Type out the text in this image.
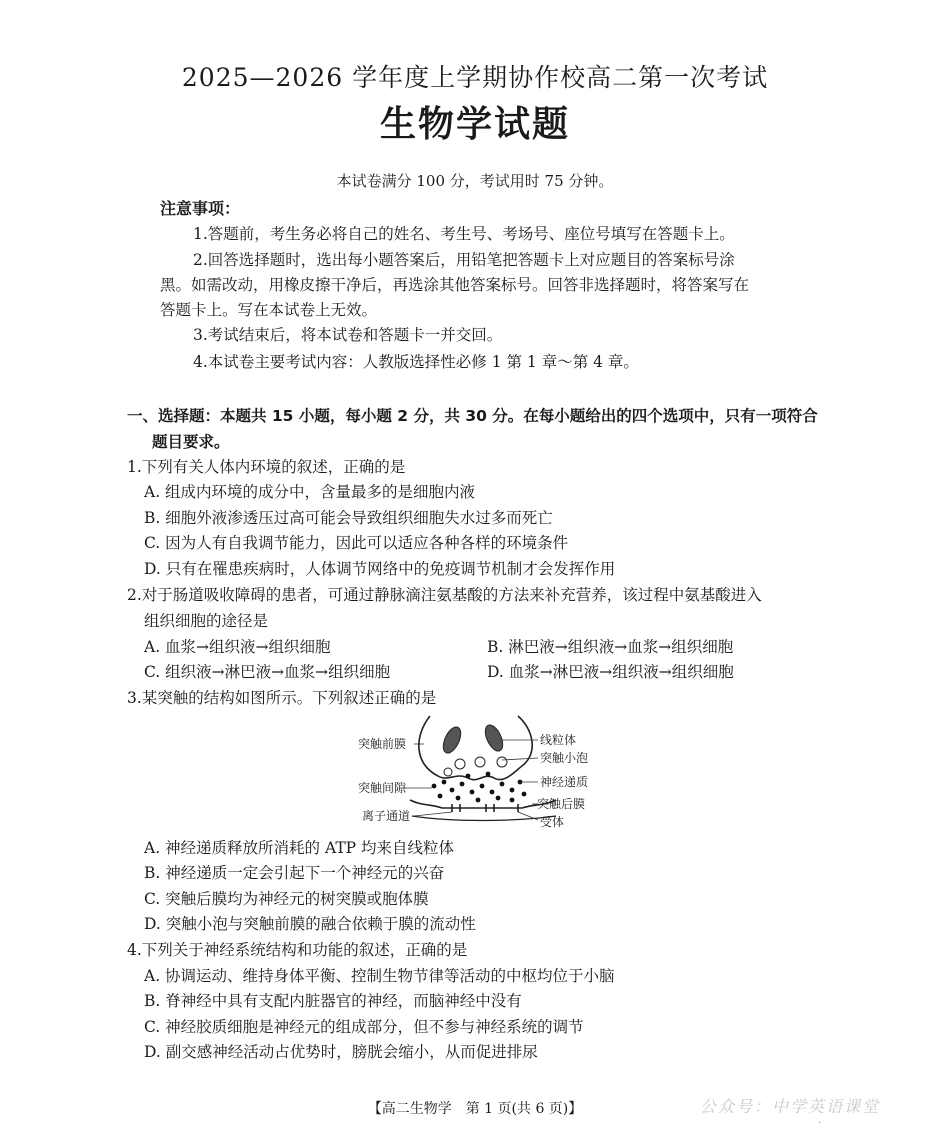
2025—2026 学年度上学期协作校高二第一次考试
生物学试题
本试卷满分 100 分，考试用时 75 分钟。
注意事项：
1.答题前，考生务必将自己的姓名、考生号、考场号、座位号填写在答题卡上。
2.回答选择题时，选出每小题答案后，用铅笔把答题卡上对应题目的答案标号涂
黑。如需改动，用橡皮擦干净后，再选涂其他答案标号。回答非选择题时，将答案写在
答题卡上。写在本试卷上无效。
3.考试结束后，将本试卷和答题卡一并交回。
4.本试卷主要考试内容：人教版选择性必修 1 第 1 章～第 4 章。
一、选择题：本题共 15 小题，每小题 2 分，共 30 分。在每小题给出的四个选项中，只有一项符合
题目要求。
1.下列有关人体内环境的叙述，正确的是
A. 组成内环境的成分中，含量最多的是细胞内液
B. 细胞外液渗透压过高可能会导致组织细胞失水过多而死亡
C. 因为人有自我调节能力，因此可以适应各种各样的环境条件
D. 只有在罹患疾病时，人体调节网络中的免疫调节机制才会发挥作用
2.对于肠道吸收障碍的患者，可通过静脉滴注氨基酸的方法来补充营养，该过程中氨基酸进入
组织细胞的途径是
A. 血浆→组织液→组织细胞	B. 淋巴液→组织液→血浆→组织细胞
C. 组织液→淋巴液→血浆→组织细胞	D. 血浆→淋巴液→组织液→组织细胞
3.某突触的结构如图所示。下列叙述正确的是
突触前膜
突触间隙
离子通道
线粒体
突触小泡
神经递质
突触后膜
受体
A. 神经递质释放所消耗的 ATP 均来自线粒体
B. 神经递质一定会引起下一个神经元的兴奋
C. 突触后膜均为神经元的树突膜或胞体膜
D. 突触小泡与突触前膜的融合依赖于膜的流动性
4.下列关于神经系统结构和功能的叙述，正确的是
A. 协调运动、维持身体平衡、控制生物节律等活动的中枢均位于小脑
B. 脊神经中具有支配内脏器官的神经，而脑神经中没有
C. 神经胶质细胞是神经元的组成部分，但不参与神经系统的调节
D. 副交感神经活动占优势时，膀胱会缩小，从而促进排尿
【高二生物学　第 1 页(共 6 页)】	公众号：中学英语课堂
·
